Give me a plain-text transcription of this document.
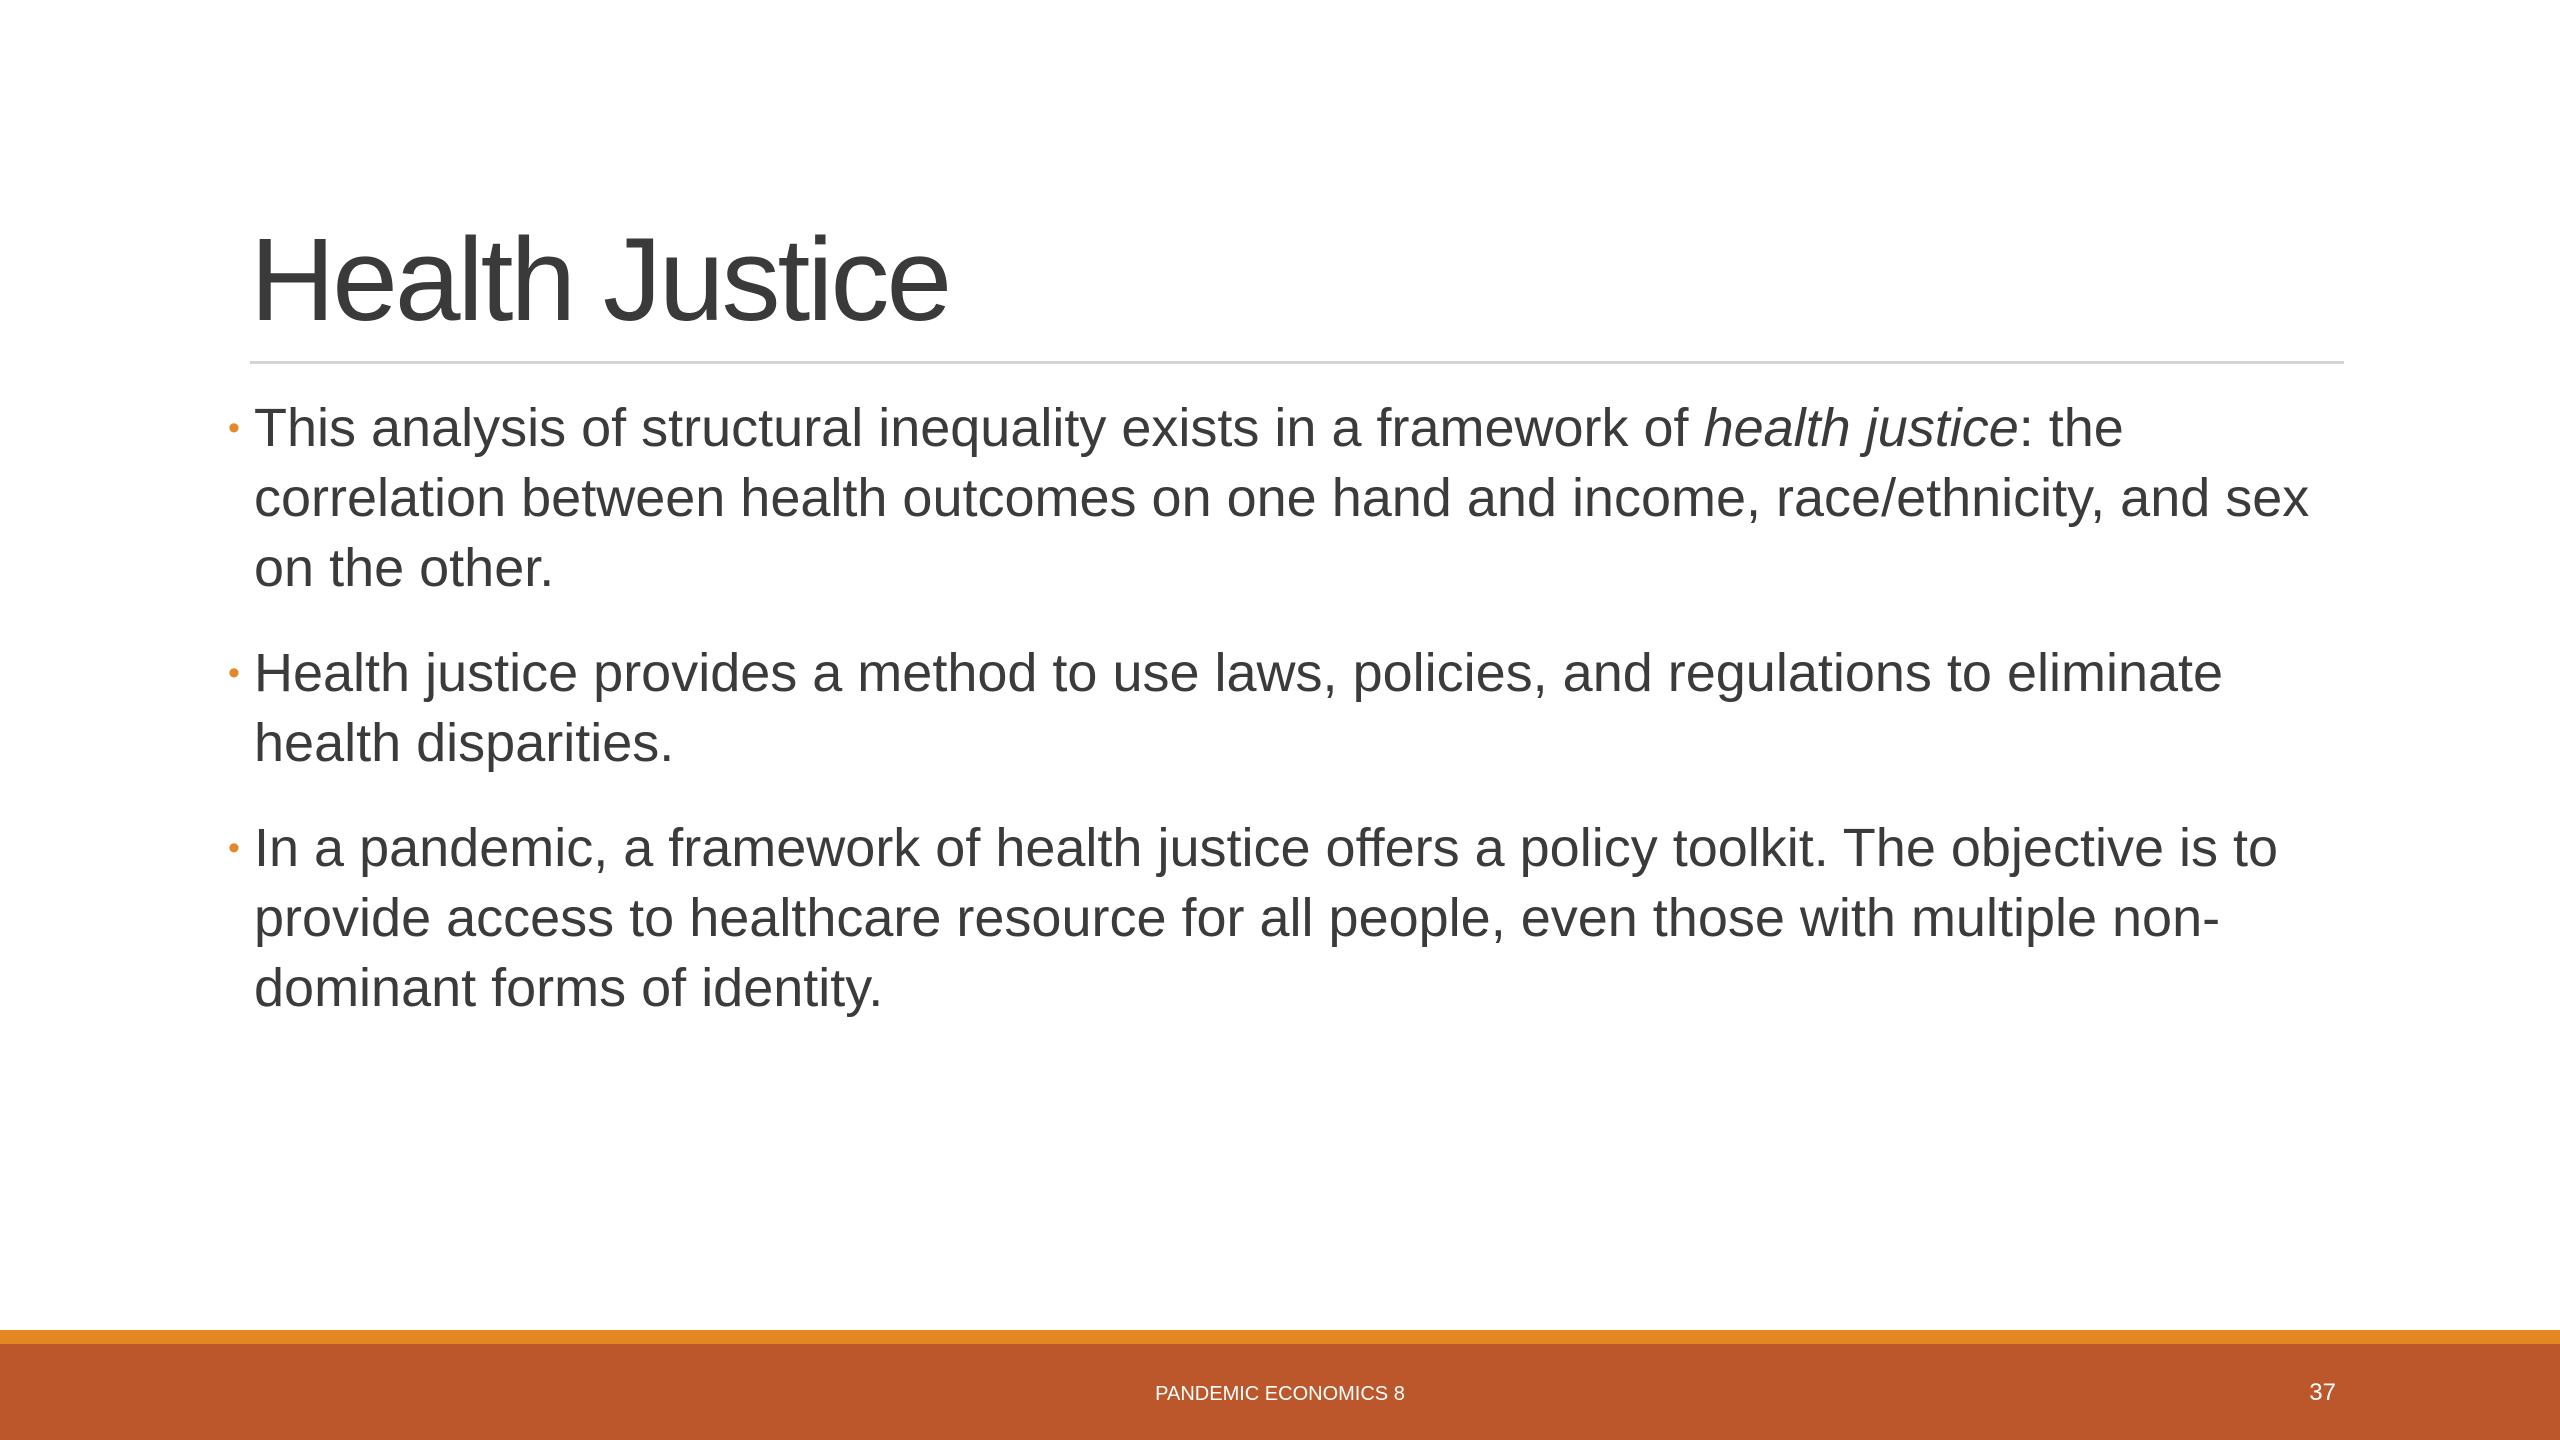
Health Justice
• This analysis of structural inequality exists in a framework of health justice: the correlation between health outcomes on one hand and income, race/ethnicity, and sex on the other.
• Health justice provides a method to use laws, policies, and regulations to eliminate health disparities.
• In a pandemic, a framework of health justice offers a policy toolkit. The objective is to provide access to healthcare resource for all people, even those with multiple non-dominant forms of identity.
PANDEMIC ECONOMICS 8	37
